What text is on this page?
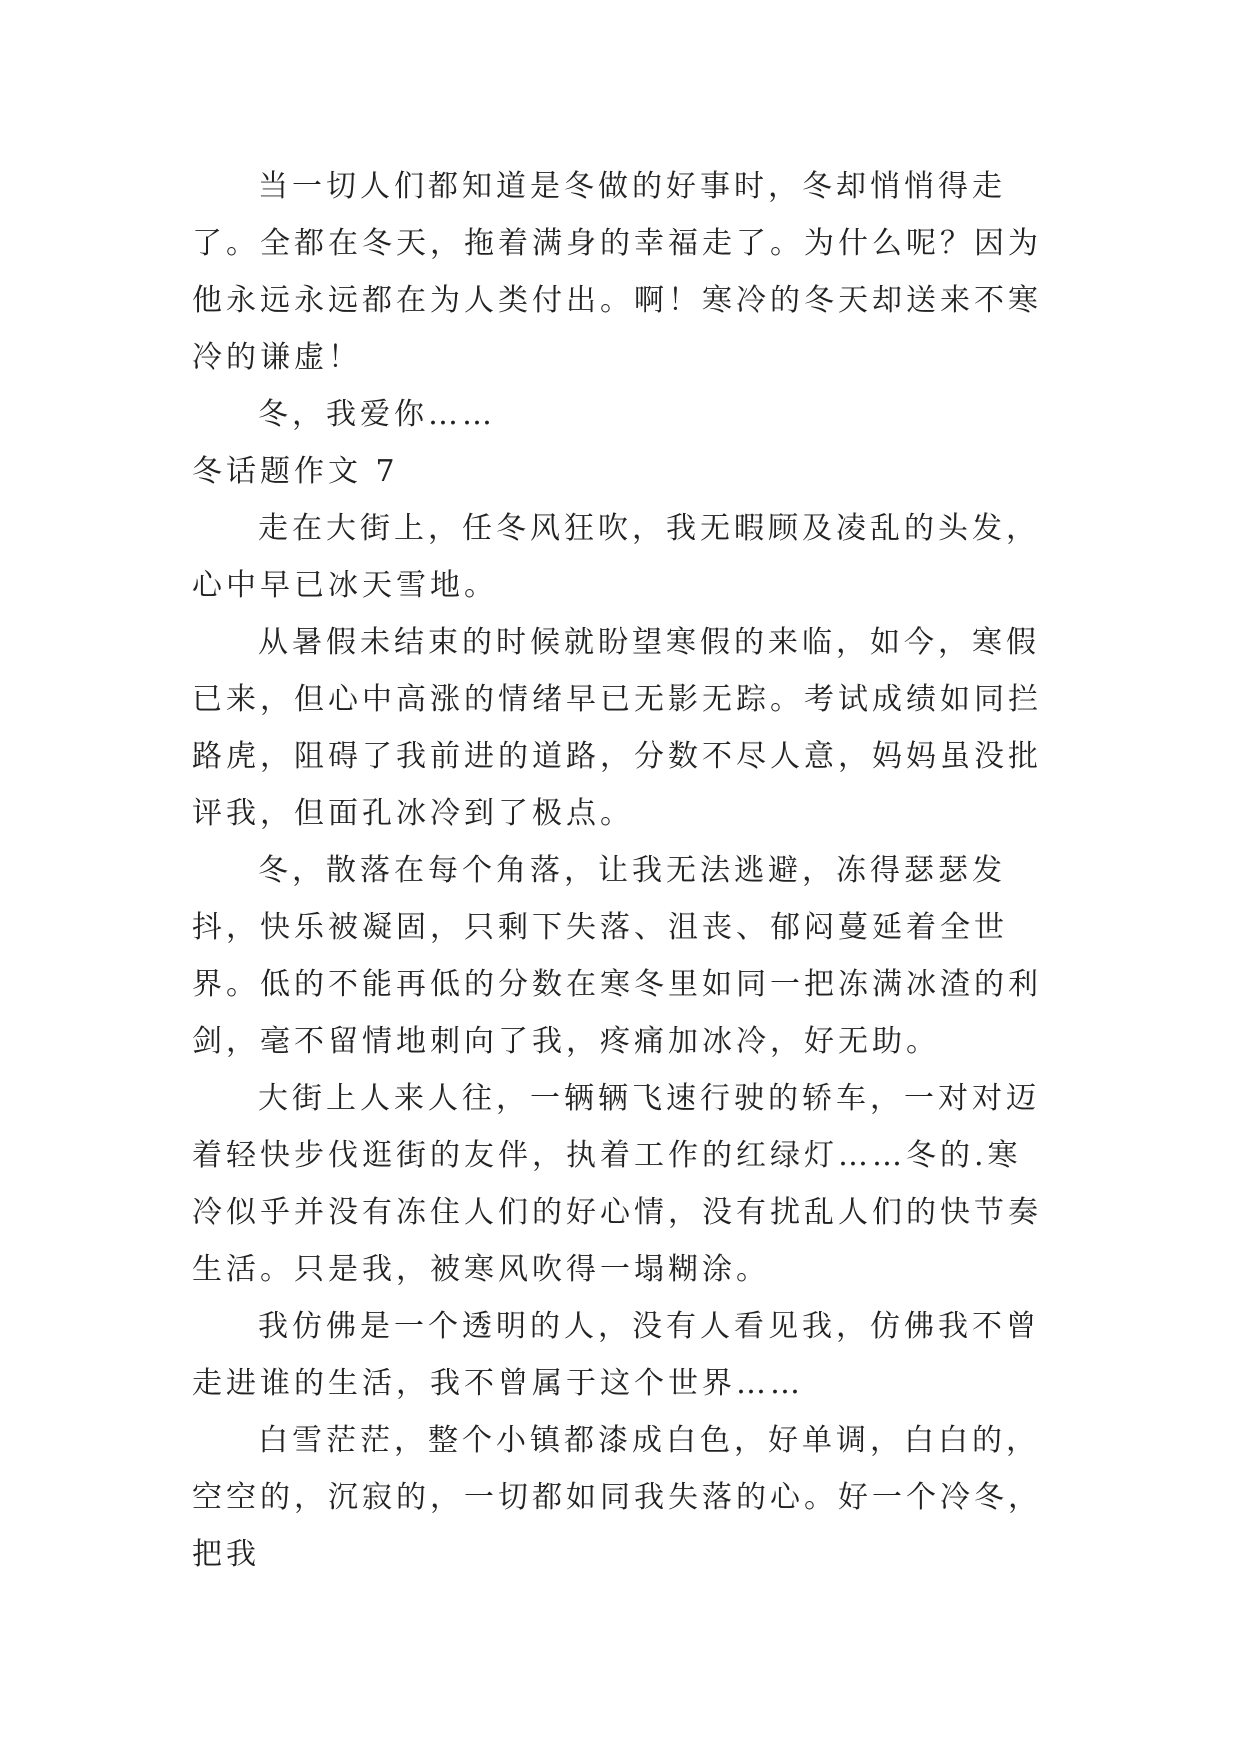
当一切人们都知道是冬做的好事时，冬却悄悄得走了。全都在冬天，拖着满身的幸福走了。为什么呢？因为他永远永远都在为人类付出。啊！寒冷的冬天却送来不寒冷的谦虚！

冬，我爱你……

冬话题作文 7

走在大街上，任冬风狂吹，我无暇顾及凌乱的头发，心中早已冰天雪地。

从暑假未结束的时候就盼望寒假的来临，如今，寒假已来，但心中高涨的情绪早已无影无踪。考试成绩如同拦路虎，阻碍了我前进的道路，分数不尽人意，妈妈虽没批评我，但面孔冰冷到了极点。

冬，散落在每个角落，让我无法逃避，冻得瑟瑟发抖，快乐被凝固，只剩下失落、沮丧、郁闷蔓延着全世界。低的不能再低的分数在寒冬里如同一把冻满冰渣的利剑，毫不留情地刺向了我，疼痛加冰冷，好无助。

大街上人来人往，一辆辆飞速行驶的轿车，一对对迈着轻快步伐逛街的友伴，执着工作的红绿灯……冬的.寒冷似乎并没有冻住人们的好心情，没有扰乱人们的快节奏生活。只是我，被寒风吹得一塌糊涂。

我仿佛是一个透明的人，没有人看见我，仿佛我不曾走进谁的生活，我不曾属于这个世界……

白雪茫茫，整个小镇都漆成白色，好单调，白白的，空空的，沉寂的，一切都如同我失落的心。好一个冷冬，把我
